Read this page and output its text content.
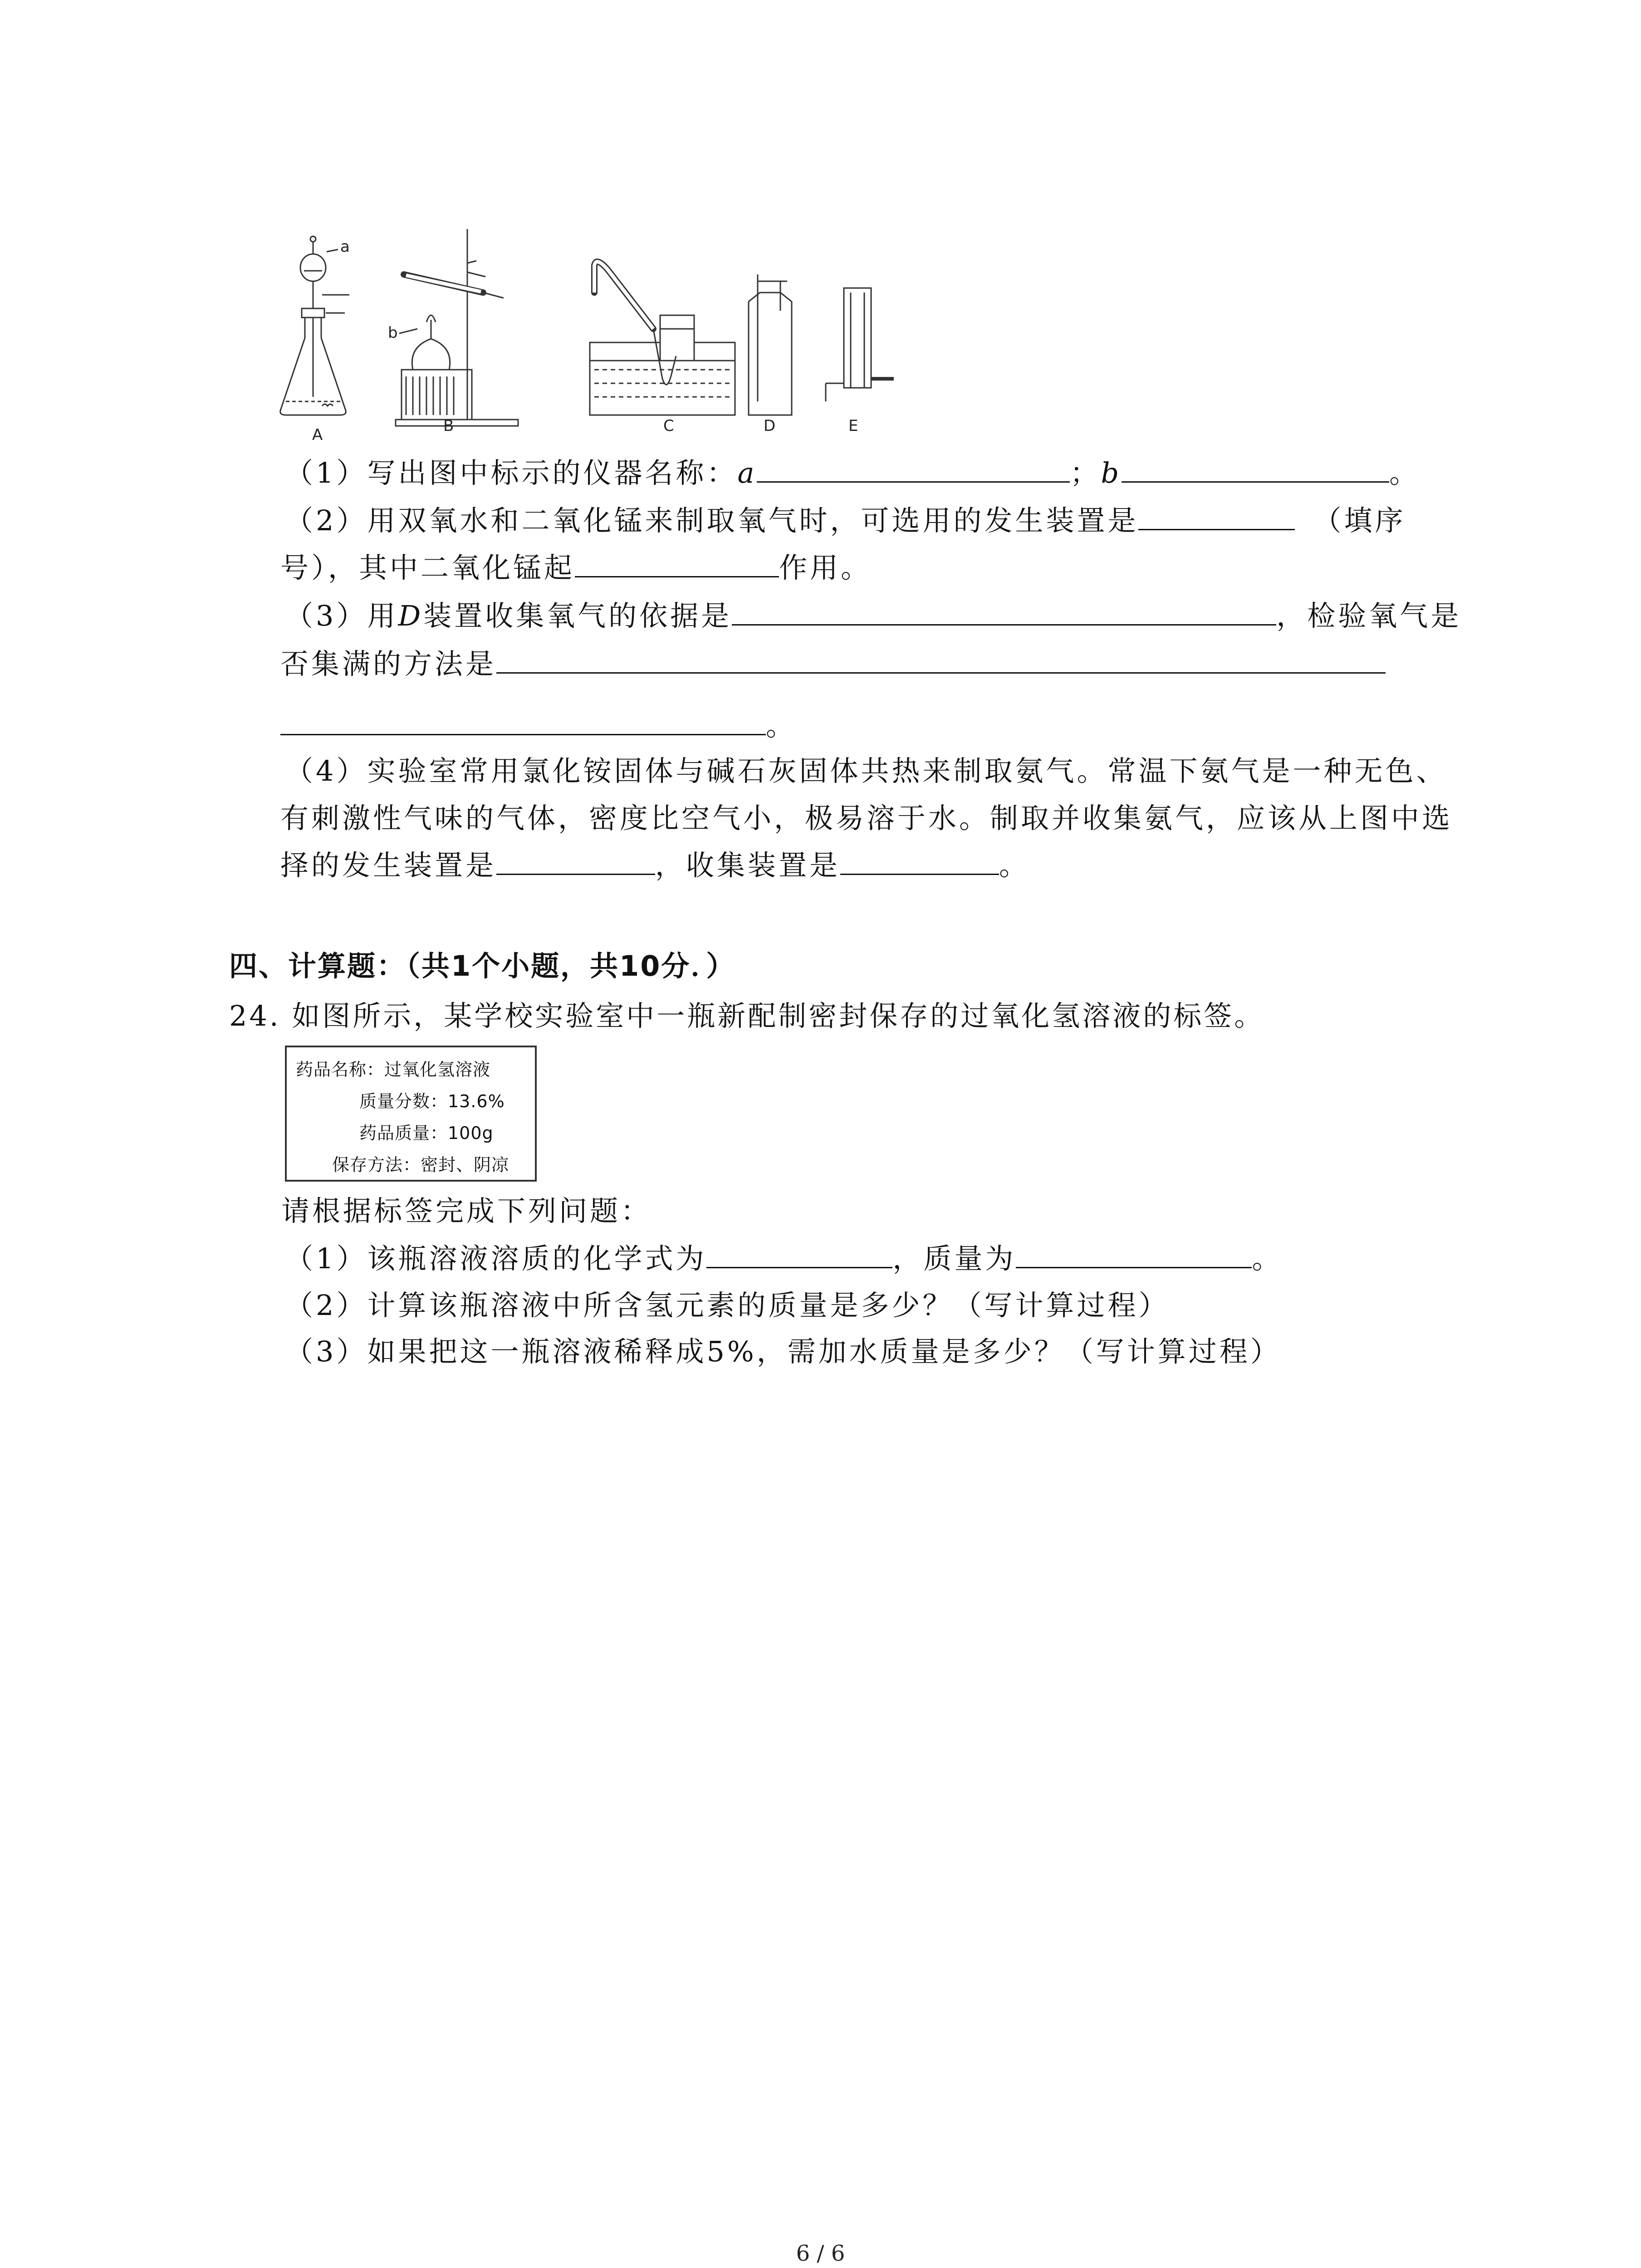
a
b
A	B	C	D	E
（1）写出图中标示的仪器名称：a	；b	。
（2）用双氧水和二氧化锰来制取氧气时，可选用的发生装置是	（填序
号），其中二氧化锰起	作用。
（3）用D装置收集氧气的依据是	，检验氧气是
否集满的方法是
。
（4）实验室常用氯化铵固体与碱石灰固体共热来制取氨气。常温下氨气是一种无色、
有刺激性气味的气体，密度比空气小，极易溶于水。制取并收集氨气，应该从上图中选
择的发生装置是	，收集装置是	。
四、计算题：（共1个小题，共10分．）
24. 如图所示，某学校实验室中一瓶新配制密封保存的过氧化氢溶液的标签。
药品名称：过氧化氢溶液
质量分数：13.6%
药品质量：100g
保存方法：密封、阴凉
请根据标签完成下列问题：
（1）该瓶溶液溶质的化学式为	，质量为	。
（2）计算该瓶溶液中所含氢元素的质量是多少？（写计算过程）
（3）如果把这一瓶溶液稀释成5%，需加水质量是多少？（写计算过程）
6 / 6
